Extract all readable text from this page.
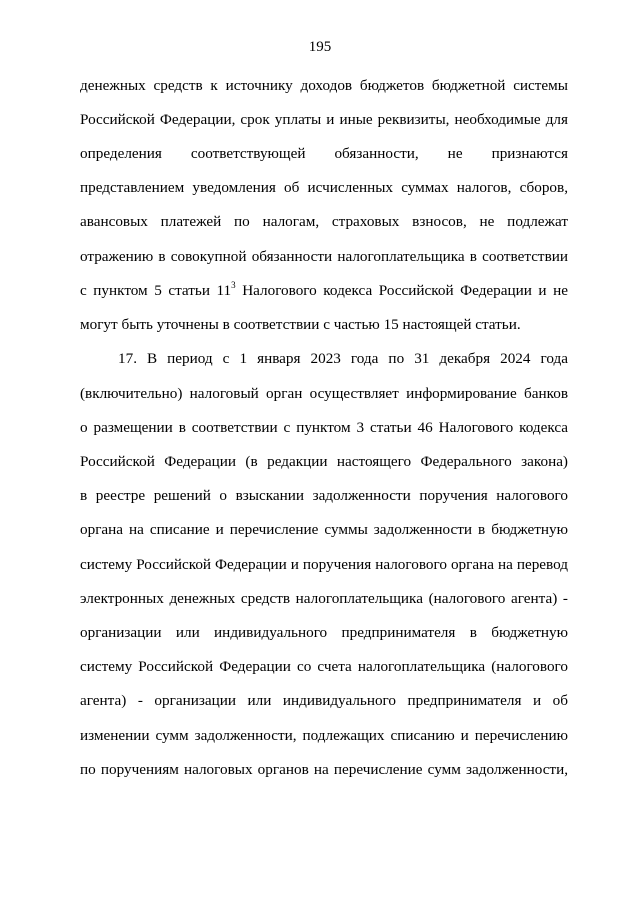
195
денежных средств к источнику доходов бюджетов бюджетной системы
Российской Федерации, срок уплаты и иные реквизиты, необходимые для
определения соответствующей обязанности, не признаются
представлением уведомления об исчисленных суммах налогов, сборов,
авансовых платежей по налогам, страховых взносов, не подлежат
отражению в совокупной обязанности налогоплательщика в соответствии
с пунктом 5 статьи $11^3$ Налогового кодекса Российской Федерации и не
могут быть уточнены в соответствии с частью 15 настоящей статьи.
17. В период с 1 января 2023 года по 31 декабря 2024 года
(включительно) налоговый орган осуществляет информирование банков
о размещении в соответствии с пунктом 3 статьи 46 Налогового кодекса
Российской Федерации (в редакции настоящего Федерального закона)
в реестре решений о взыскании задолженности поручения налогового
органа на списание и перечисление суммы задолженности в бюджетную
систему Российской Федерации и поручения налогового органа на перевод
электронных денежных средств налогоплательщика (налогового агента) -
организации или индивидуального предпринимателя в бюджетную
систему Российской Федерации со счета налогоплательщика (налогового
агента) - организации или индивидуального предпринимателя и об
изменении сумм задолженности, подлежащих списанию и перечислению
по поручениям налоговых органов на перечисление сумм задолженности,
